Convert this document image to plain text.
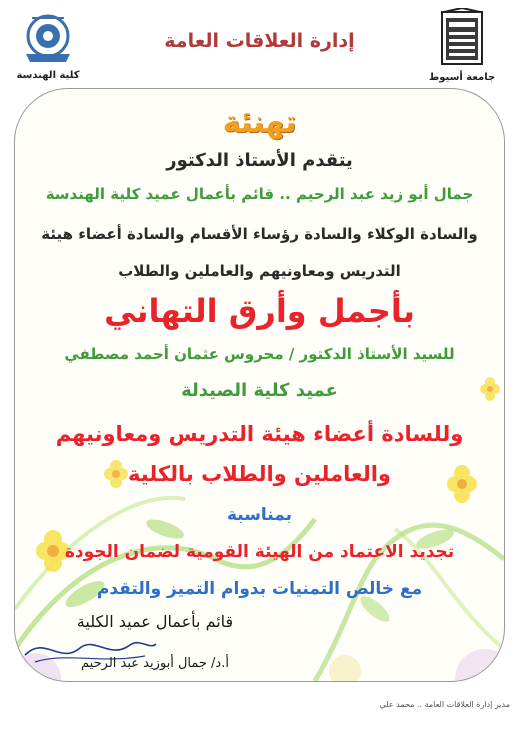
إدارة العلاقات العامة
كلية الهندسة	جامعة أسيوط
تهنئة
يتقدم الأستاذ الدكتور
جمال أبو زيد عبد الرحيم .. قائم بأعمال عميد كلية الهندسة
والسادة الوكلاء والسادة رؤساء الأقسام والسادة أعضاء هيئة
التدريس ومعاونيهم والعاملين والطلاب
بأجمل وأرق التهاني
للسيد الأستاذ الدكتور / محروس عثمان أحمد مصطفي
عميد كلية الصيدلة
وللسادة أعضاء هيئة التدريس ومعاونيهم
والعاملين والطلاب بالكلية
بمناسبة
تجديد الاعتماد من الهيئة القومية لضمان الجودة
مع خالص التمنيات بدوام التميز والتقدم
قائم بأعمال عميد الكلية
أ.د/ جمال أبوزيد عبد الرحيم
مدير إدارة العلاقات العامة .. محمد علي
